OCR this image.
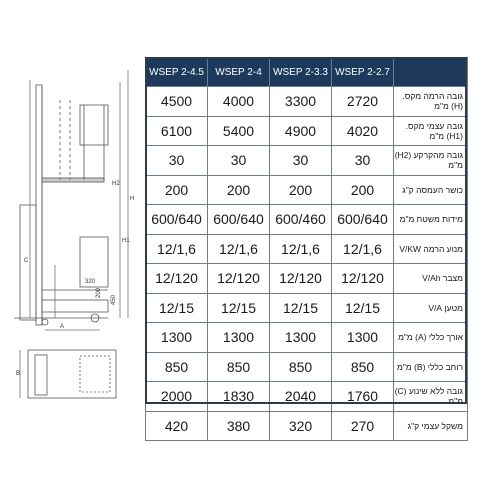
H
H1
H2
C
320
200
450
A
B
WSEP 2-4.5	WSEP 2-4	WSEP 2-3.3	WSEP 2-2.7	
4500	4000	3300	2720	גובה הרמה מקס. (H) מ"מ
6100	5400	4900	4020	גובה עצמי מקס. (H1) מ"מ
30	30	30	30	גובה מהקרקע (H2) מ"מ
200	200	200	200	כושר העמסה ק"ג
600/640	600/640	600/460	600/640	מידות משטח מ"מ
12/1,6	12/1,6	12/1,6	12/1,6	מנוע הרמה V/KW
12/120	12/120	12/120	12/120	מצבר V/Ah
12/15	12/15	12/15	12/15	מטען V/A
1300	1300	1300	1300	אורך כללי (A) מ"מ
850	850	850	850	רוחב כללי (B) מ"מ
2000	1830	2040	1760	גובה ללא שינוע (C) מ"מ
420	380	320	270	משקל עצמי ק"ג
